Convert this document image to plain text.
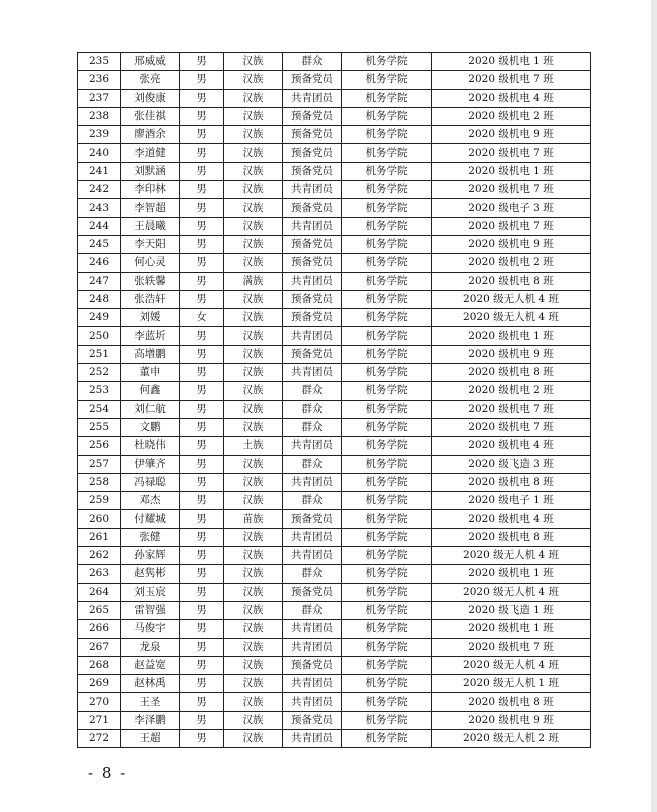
235	邢威威	男	汉族	群众	机务学院	2020 级机电 1 班
236	张亮	男	汉族	预备党员	机务学院	2020 级机电 7 班
237	刘俊康	男	汉族	共青团员	机务学院	2020 级机电 4 班
238	张佳祺	男	汉族	预备党员	机务学院	2020 级机电 2 班
239	廖酒余	男	汉族	预备党员	机务学院	2020 级机电 9 班
240	李道健	男	汉族	预备党员	机务学院	2020 级机电 7 班
241	刘默涵	男	汉族	预备党员	机务学院	2020 级机电 1 班
242	李印林	男	汉族	共青团员	机务学院	2020 级机电 7 班
243	李智超	男	汉族	预备党员	机务学院	2020 级电子 3 班
244	王晨曦	男	汉族	共青团员	机务学院	2020 级机电 7 班
245	李天阳	男	汉族	预备党员	机务学院	2020 级机电 9 班
246	何心灵	男	汉族	预备党员	机务学院	2020 级机电 2 班
247	张轶馨	男	满族	共青团员	机务学院	2020 级机电 8 班
248	张浩轩	男	汉族	预备党员	机务学院	2020 级无人机 4 班
249	刘媛	女	汉族	预备党员	机务学院	2020 级无人机 4 班
250	李蓝圻	男	汉族	共青团员	机务学院	2020 级机电 1 班
251	高增鹏	男	汉族	预备党员	机务学院	2020 级机电 9 班
252	董申	男	汉族	共青团员	机务学院	2020 级机电 8 班
253	何鑫	男	汉族	群众	机务学院	2020 级机电 2 班
254	刘仁航	男	汉族	群众	机务学院	2020 级机电 7 班
255	文鹏	男	汉族	群众	机务学院	2020 级机电 7 班
256	杜晓伟	男	土族	共青团员	机务学院	2020 级机电 4 班
257	伊肇齐	男	汉族	群众	机务学院	2020 级飞造 3 班
258	冯禄聪	男	汉族	共青团员	机务学院	2020 级机电 8 班
259	邓杰	男	汉族	群众	机务学院	2020 级电子 1 班
260	付耀城	男	苗族	预备党员	机务学院	2020 级机电 4 班
261	张健	男	汉族	共青团员	机务学院	2020 级机电 8 班
262	孙家辉	男	汉族	共青团员	机务学院	2020 级无人机 4 班
263	赵隽彬	男	汉族	群众	机务学院	2020 级机电 1 班
264	刘玉宸	男	汉族	预备党员	机务学院	2020 级无人机 4 班
265	雷智强	男	汉族	群众	机务学院	2020 级飞造 1 班
266	马俊宇	男	汉族	共青团员	机务学院	2020 级机电 1 班
267	龙泉	男	汉族	共青团员	机务学院	2020 级机电 7 班
268	赵益宽	男	汉族	预备党员	机务学院	2020 级无人机 4 班
269	赵林禹	男	汉族	共青团员	机务学院	2020 级无人机 1 班
270	王圣	男	汉族	共青团员	机务学院	2020 级机电 8 班
271	李泽鹏	男	汉族	预备党员	机务学院	2020 级机电 9 班
272	王超	男	汉族	共青团员	机务学院	2020 级无人机 2 班
- 8 -
